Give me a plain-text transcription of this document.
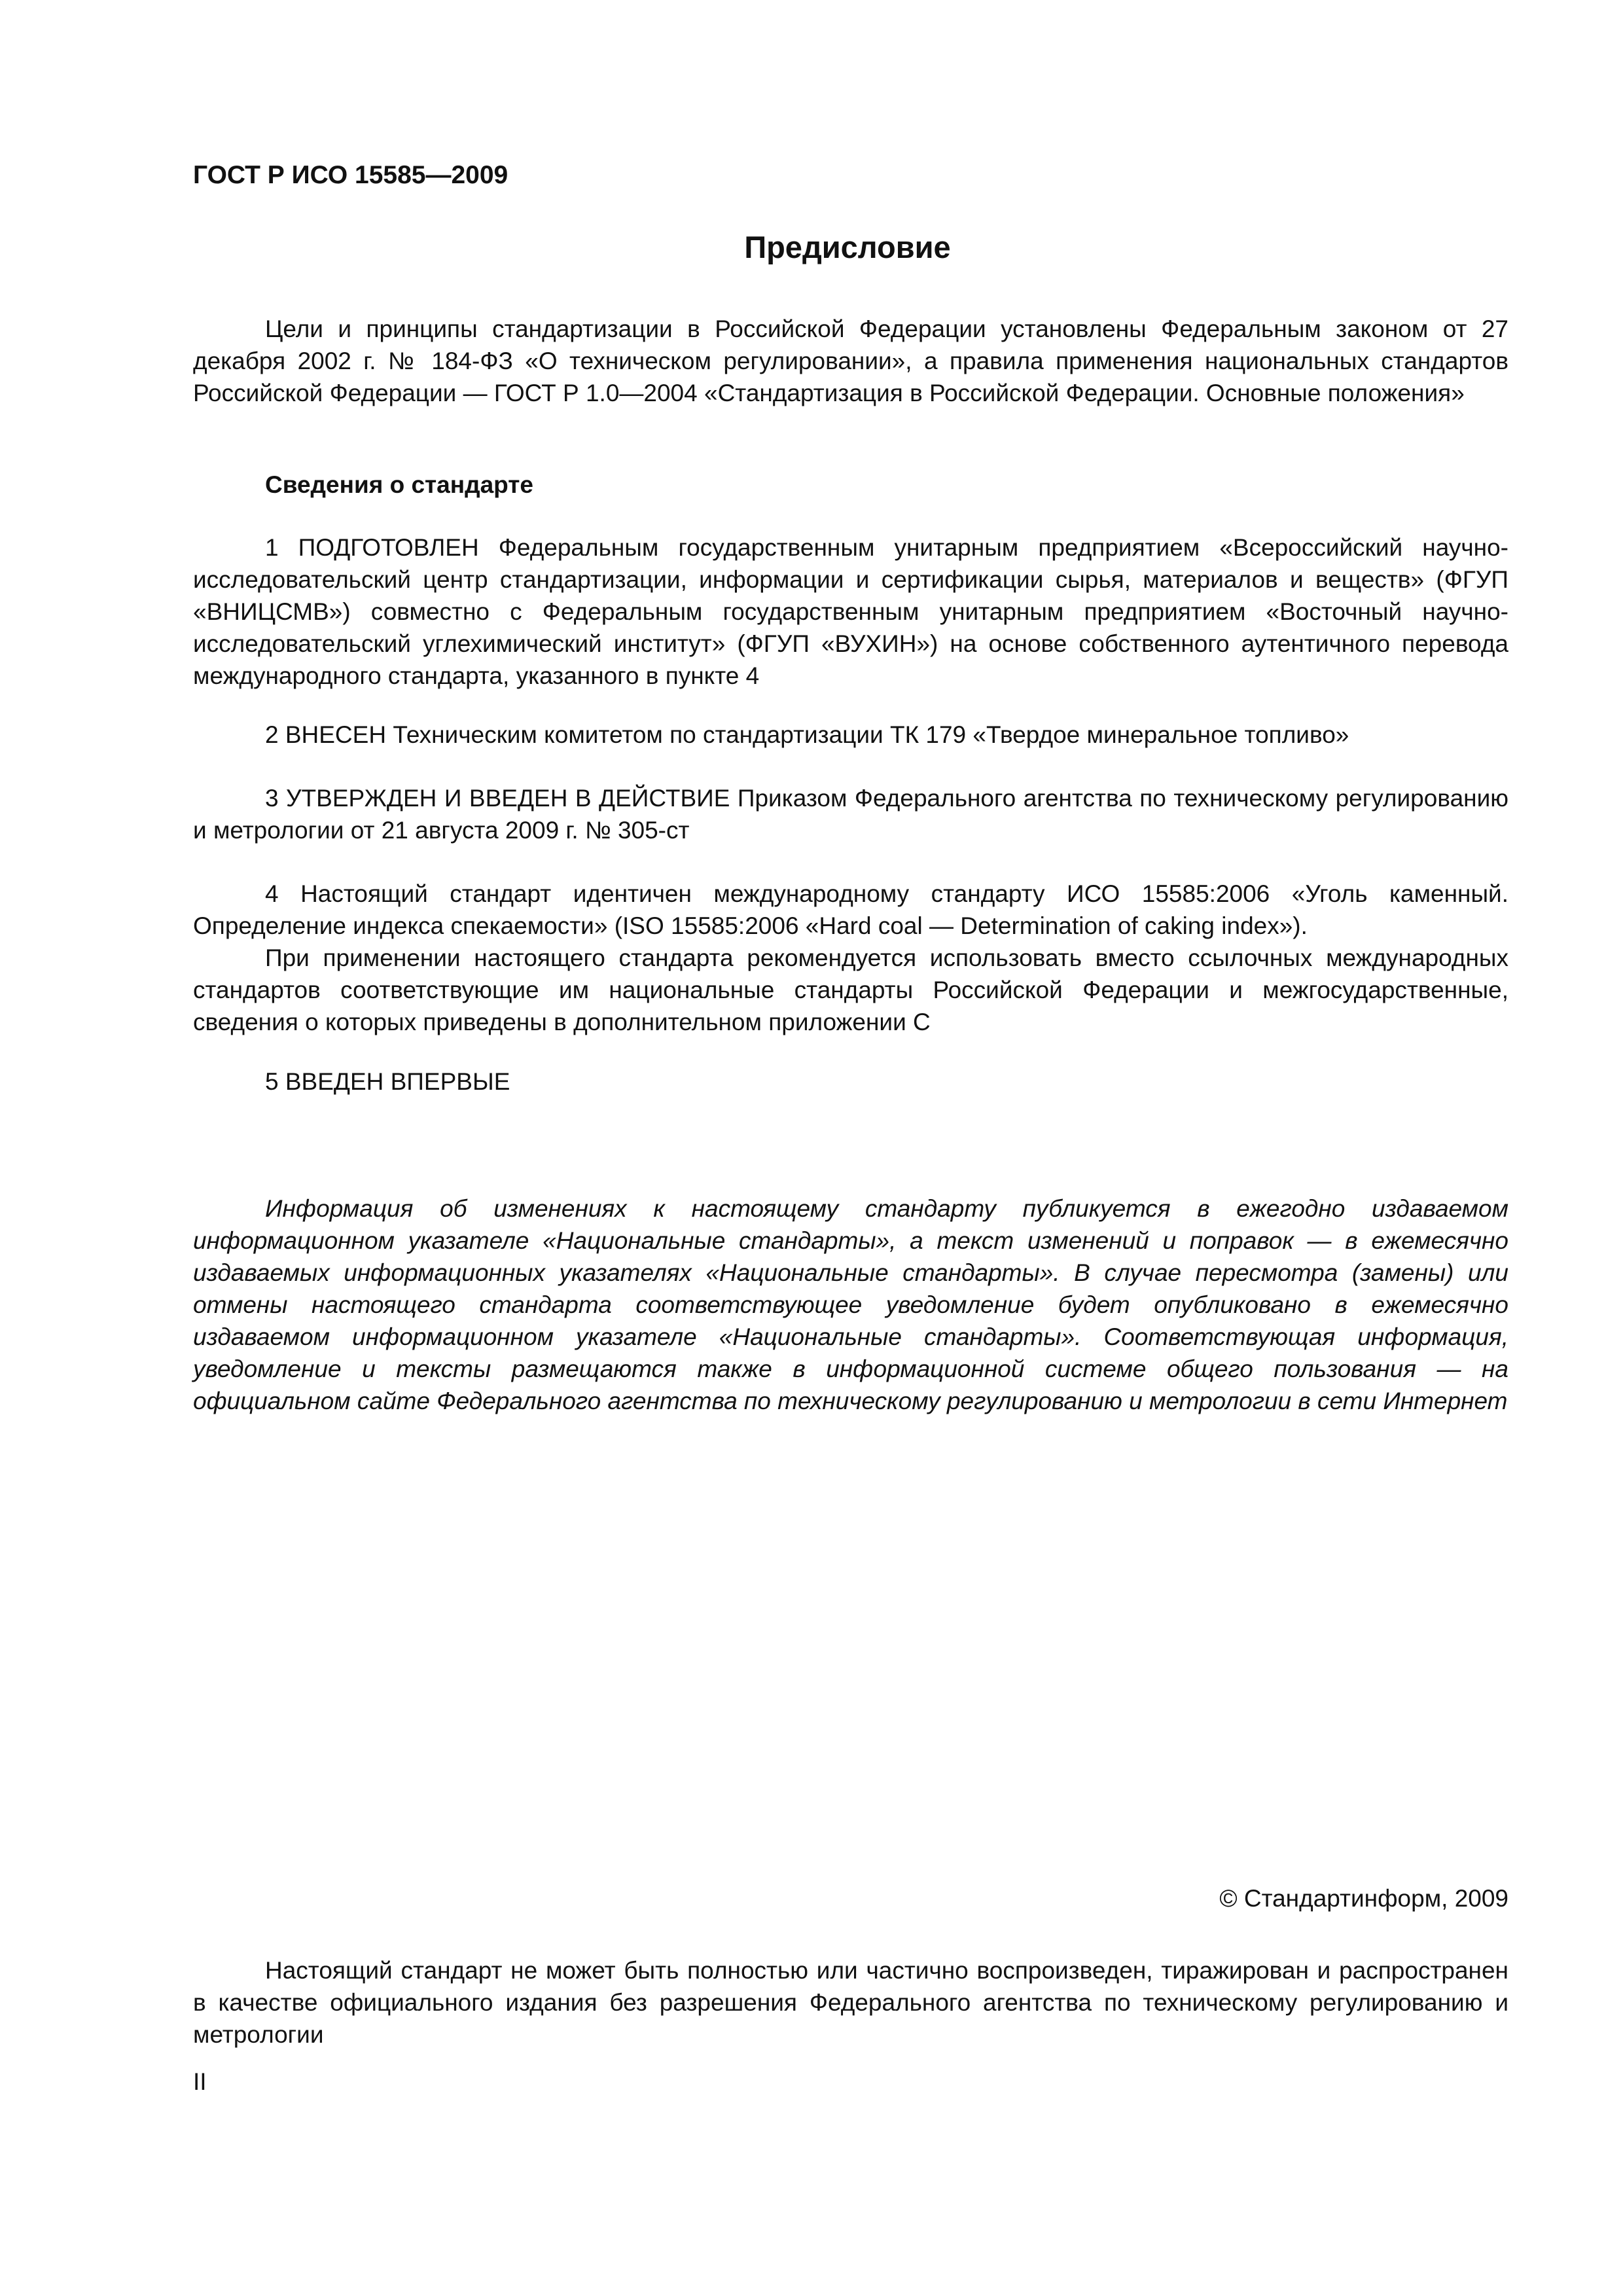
ГОСТ Р ИСО 15585—2009

Предисловие

Цели и принципы стандартизации в Российской Федерации установлены Федеральным законом от 27 декабря 2002 г. № 184-ФЗ «О техническом регулировании», а правила применения национальных стандартов Российской Федерации — ГОСТ Р 1.0—2004 «Стандартизация в Российской Федерации. Основные положения»

Сведения о стандарте

1 ПОДГОТОВЛЕН Федеральным государственным унитарным предприятием «Всероссийский научно-исследовательский центр стандартизации, информации и сертификации сырья, материалов и веществ» (ФГУП «ВНИЦСМВ») совместно с Федеральным государственным унитарным предприятием «Восточный научно-исследовательский углехимический институт» (ФГУП «ВУХИН») на основе собственного аутентичного перевода международного стандарта, указанного в пункте 4

2 ВНЕСЕН Техническим комитетом по стандартизации ТК 179 «Твердое минеральное топливо»

3 УТВЕРЖДЕН И ВВЕДЕН В ДЕЙСТВИЕ Приказом Федерального агентства по техническому регулированию и метрологии от 21 августа 2009 г. № 305-ст

4 Настоящий стандарт идентичен международному стандарту ИСО 15585:2006 «Уголь каменный. Определение индекса спекаемости» (ISO 15585:2006 «Hard coal — Determination of caking index»).

При применении настоящего стандарта рекомендуется использовать вместо ссылочных международных стандартов соответствующие им национальные стандарты Российской Федерации и межгосударственные, сведения о которых приведены в дополнительном приложении С

5 ВВЕДЕН ВПЕРВЫЕ

Информация об изменениях к настоящему стандарту публикуется в ежегодно издаваемом информационном указателе «Национальные стандарты», а текст изменений и поправок — в ежемесячно издаваемых информационных указателях «Национальные стандарты». В случае пересмотра (замены) или отмены настоящего стандарта соответствующее уведомление будет опубликовано в ежемесячно издаваемом информационном указателе «Национальные стандарты». Соответствующая информация, уведомление и тексты размещаются также в информационной системе общего пользования — на официальном сайте Федерального агентства по техническому регулированию и метрологии в сети Интернет

© Стандартинформ, 2009

Настоящий стандарт не может быть полностью или частично воспроизведен, тиражирован и распространен в качестве официального издания без разрешения Федерального агентства по техническому регулированию и метрологии

II
